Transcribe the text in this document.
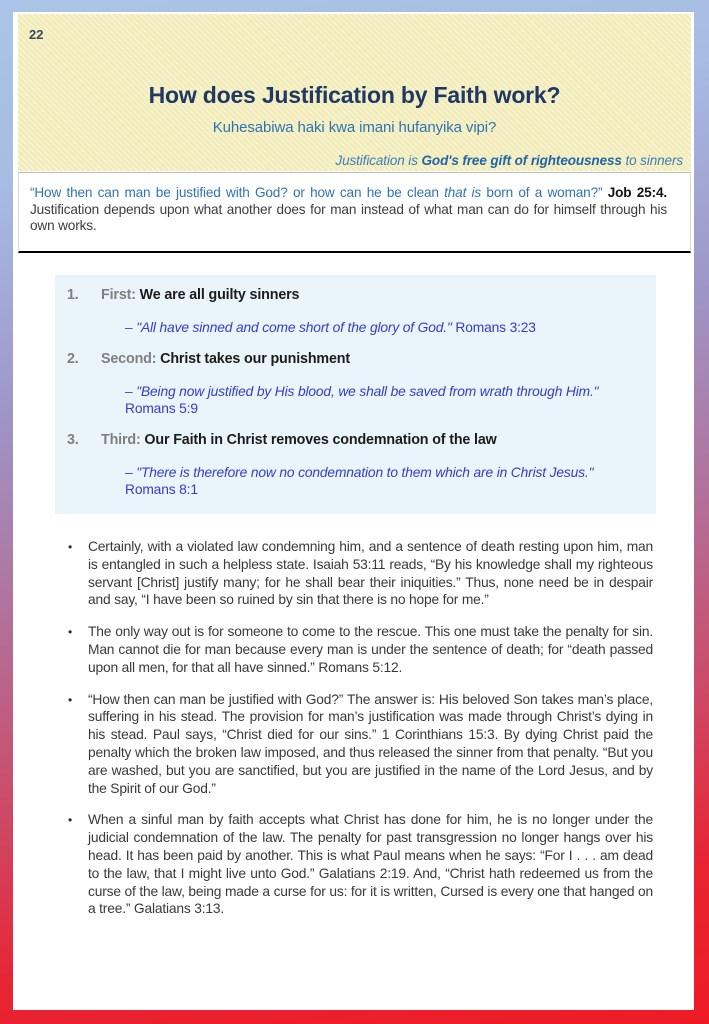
22
How does Justification by Faith work?
Kuhesabiwa haki kwa imani hufanyika vipi?
Justification is God's free gift of righteousness to sinners

“How then can man be justified with God? or how can he be clean that is born of a woman?” Job 25:4. Justification depends upon what another does for man instead of what man can do for himself through his own works.

1.	First: We are all guilty sinners

– "All have sinned and come short of the glory of God." Romans 3:23

2.	Second: Christ takes our punishment

– "Being now justified by His blood, we shall be saved from wrath through Him." Romans 5:9

3.	Third: Our Faith in Christ removes condemnation of the law

– "There is therefore now no condemnation to them which are in Christ Jesus." Romans 8:1

•	Certainly, with a violated law condemning him, and a sentence of death resting upon him, man is entangled in such a helpless state. Isaiah 53:11 reads, “By his knowledge shall my righteous servant [Christ] justify many; for he shall bear their iniquities.” Thus, none need be in despair and say, “I have been so ruined by sin that there is no hope for me.”

•	The only way out is for someone to come to the rescue. This one must take the penalty for sin. Man cannot die for man because every man is under the sentence of death; for “death passed upon all men, for that all have sinned.” Romans 5:12.

•	“How then can man be justified with God?” The answer is: His beloved Son takes man’s place, suffering in his stead. The provision for man’s justification was made through Christ’s dying in his stead. Paul says, “Christ died for our sins.” 1 Corinthians 15:3. By dying Christ paid the penalty which the broken law imposed, and thus released the sinner from that penalty. “But you are washed, but you are sanctified, but you are justified in the name of the Lord Jesus, and by the Spirit of our God.”

•	When a sinful man by faith accepts what Christ has done for him, he is no longer under the judicial condemnation of the law. The penalty for past transgression no longer hangs over his head. It has been paid by another. This is what Paul means when he says: “For I . . . am dead to the law, that I might live unto God.” Galatians 2:19. And, “Christ hath redeemed us from the curse of the law, being made a curse for us: for it is written, Cursed is every one that hanged on a tree.” Galatians 3:13.
